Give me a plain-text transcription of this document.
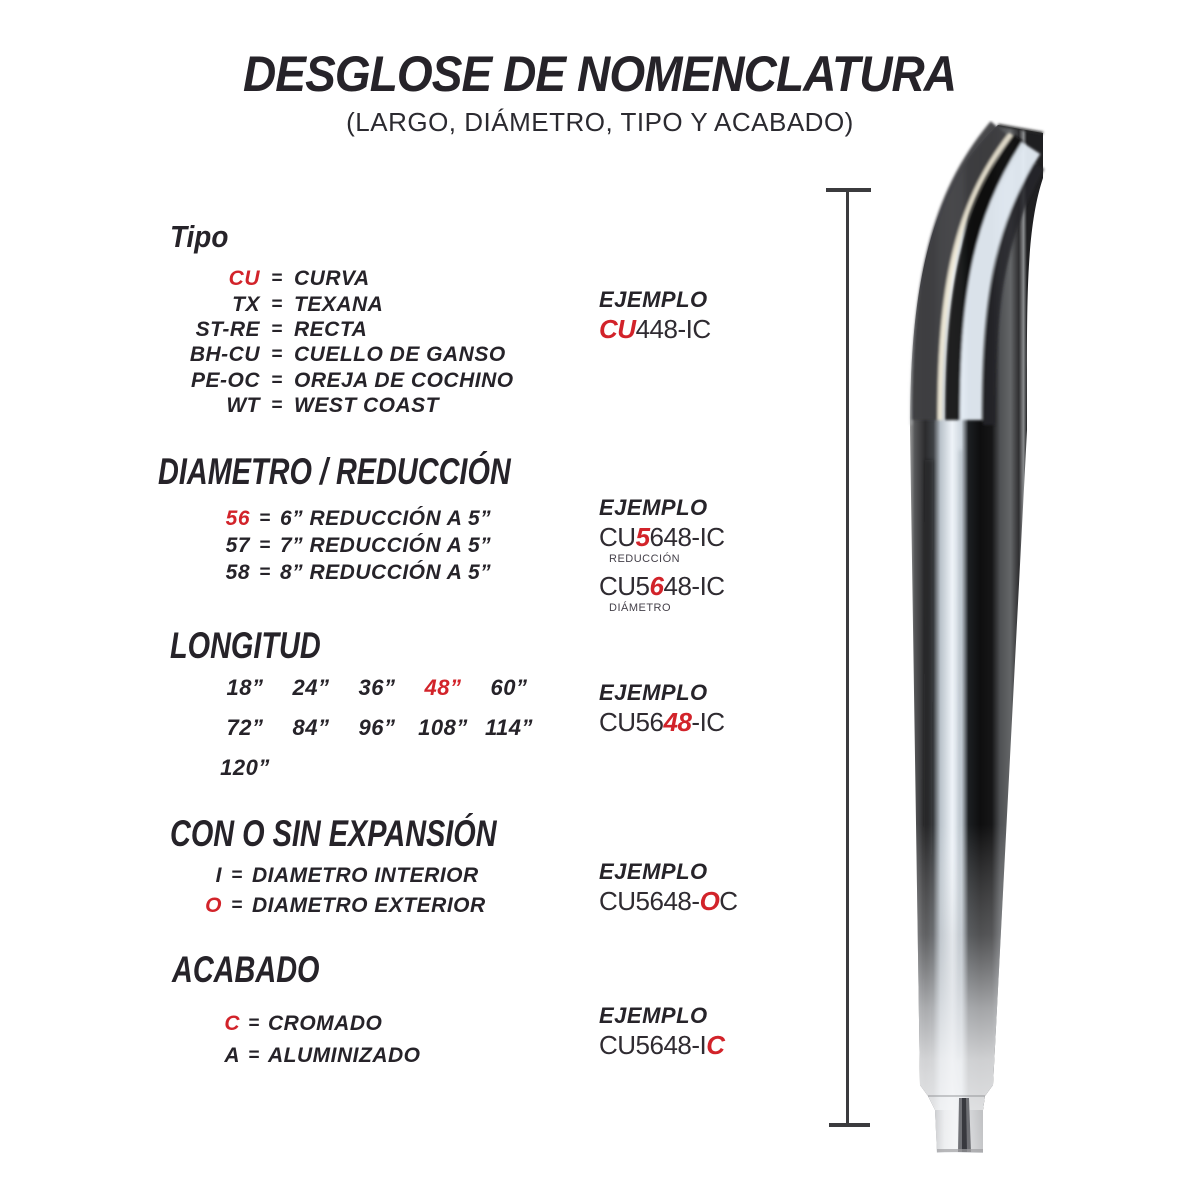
DESGLOSE DE NOMENCLATURA
(LARGO, DIÁMETRO, TIPO Y ACABADO)
Tipo
CU = CURVA
TX = TEXANA
ST-RE = RECTA
BH-CU = CUELLO DE GANSO
PE-OC = OREJA DE COCHINO
WT = WEST COAST
DIAMETRO / REDUCCIÓN
56 = 6” REDUCCIÓN A 5”
57 = 7” REDUCCIÓN A 5”
58 = 8” REDUCCIÓN A 5”
LONGITUD
18” 24” 36” 48” 60”
72” 84” 96” 108” 114”
120”
CON O SIN EXPANSIÓN
I = DIAMETRO INTERIOR
O = DIAMETRO EXTERIOR
ACABADO
C = CROMADO
A = ALUMINIZADO
EJEMPLO
CU448-IC
EJEMPLO
CU5648-IC
REDUCCIÓN
CU5648-IC
DIÁMETRO
EJEMPLO
CU5648-IC
EJEMPLO
CU5648-OC
EJEMPLO
CU5648-IC
